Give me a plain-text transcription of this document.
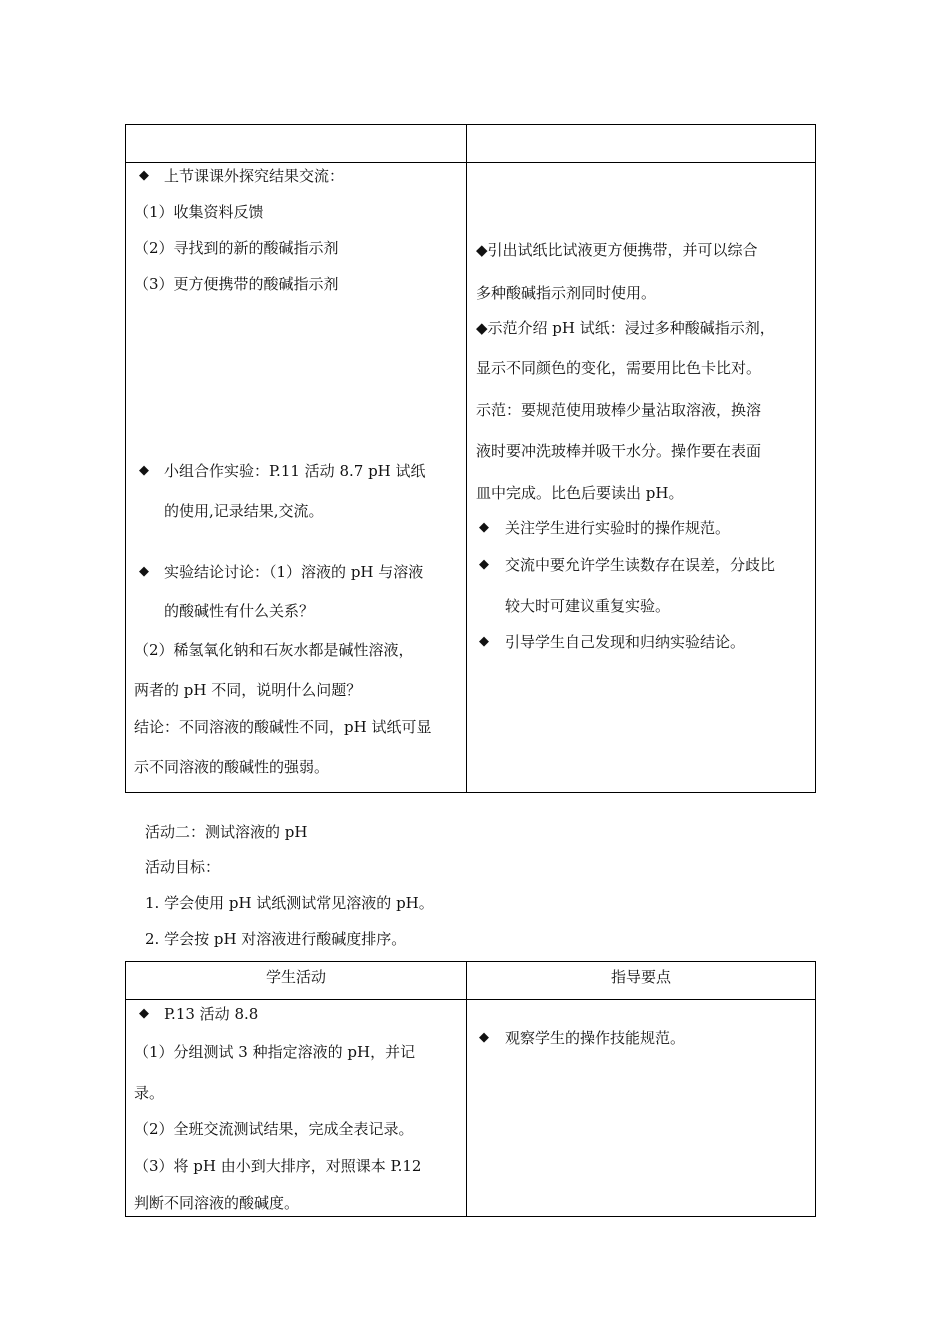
◆ 上节课课外探究结果交流：
（1）收集资料反馈
（2）寻找到的新的酸碱指示剂
（3）更方便携带的酸碱指示剂
◆ 小组合作实验：P.11 活动 8.7 pH 试纸
的使用,记录结果,交流。
◆ 实验结论讨论：（1）溶液的 pH 与溶液
的酸碱性有什么关系？
（2）稀氢氧化钠和石灰水都是碱性溶液，
两者的 pH 不同，说明什么问题？
结论：不同溶液的酸碱性不同，pH 试纸可显
示不同溶液的酸碱性的强弱。
◆引出试纸比试液更方便携带，并可以综合
多种酸碱指示剂同时使用。
◆示范介绍 pH 试纸：浸过多种酸碱指示剂，
显示不同颜色的变化，需要用比色卡比对。
示范：要规范使用玻棒少量沾取溶液，换溶
液时要冲洗玻棒并吸干水分。操作要在表面
皿中完成。比色后要读出 pH。
◆ 关注学生进行实验时的操作规范。
◆ 交流中要允许学生读数存在误差，分歧比
较大时可建议重复实验。
◆ 引导学生自己发现和归纳实验结论。
活动二：测试溶液的 pH
活动目标：
1. 学会使用 pH 试纸测试常见溶液的 pH。
2. 学会按 pH 对溶液进行酸碱度排序。
学生活动	指导要点
◆ P.13 活动 8.8
（1）分组测试 3 种指定溶液的 pH，并记
录。
（2）全班交流测试结果，完成全表记录。
（3）将 pH 由小到大排序，对照课本 P.12
判断不同溶液的酸碱度。
◆ 观察学生的操作技能规范。
